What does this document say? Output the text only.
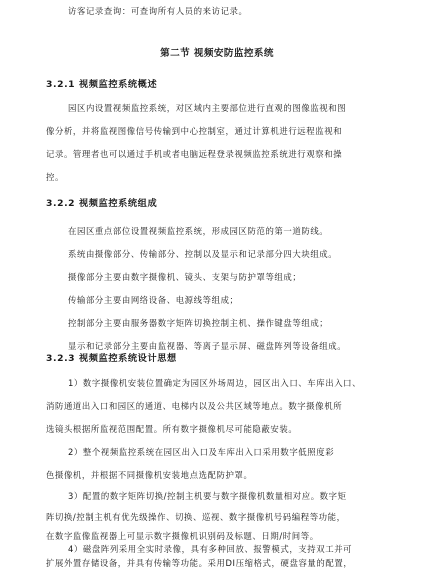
访客记录查询：可查询所有人员的来访记录。
第二节 视频安防监控系统
3.2.1 视频监控系统概述
园区内设置视频监控系统，对区域内主要部位进行直观的图像监视和图
像分析，并将监视图像信号传输到中心控制室，通过计算机进行远程监视和
记录。管理者也可以通过手机或者电脑远程登录视频监控系统进行观察和操
控。
3.2.2 视频监控系统组成
在园区重点部位设置视频监控系统，形成园区防范的第一道防线。
系统由摄像部分、传输部分、控制以及显示和记录部分四大块组成。
摄像部分主要由数字摄像机、镜头、支架与防护罩等组成；
传输部分主要由网络设备、电源线等组成；
控制部分主要由服务器数字矩阵切换控制主机、操作键盘等组成；
显示和记录部分主要由监视器、等离子显示屏、磁盘阵列等设备组成。
3.2.3 视频监控系统设计思想
1）数字摄像机安装位置确定为园区外场周边，园区出入口、车库出入口、
消防通道出入口和园区的通道、电梯内以及公共区域等地点。数字摄像机所
选镜头根据所监视范围配置。所有数字摄像机尽可能隐蔽安装。
2）整个视频监控系统在园区出入口及车库出入口采用数字低照度彩
色摄像机，并根据不同摄像机安装地点选配防护罩。
3）配置的数字矩阵切换/控制主机要与数字摄像机数量相对应。数字矩
阵切换/控制主机有优先级操作、切换、巡视、数字摄像机号码编程等功能，
在数字监像监视器上可显示数字摄像机识别码及标题、日期/时间等。
4）磁盘阵列采用全实时录像，具有多种回放、报警模式，支持双工并可
扩展外置存储设备，并具有传输等功能。采用DI压缩格式，硬盘容量的配置，
